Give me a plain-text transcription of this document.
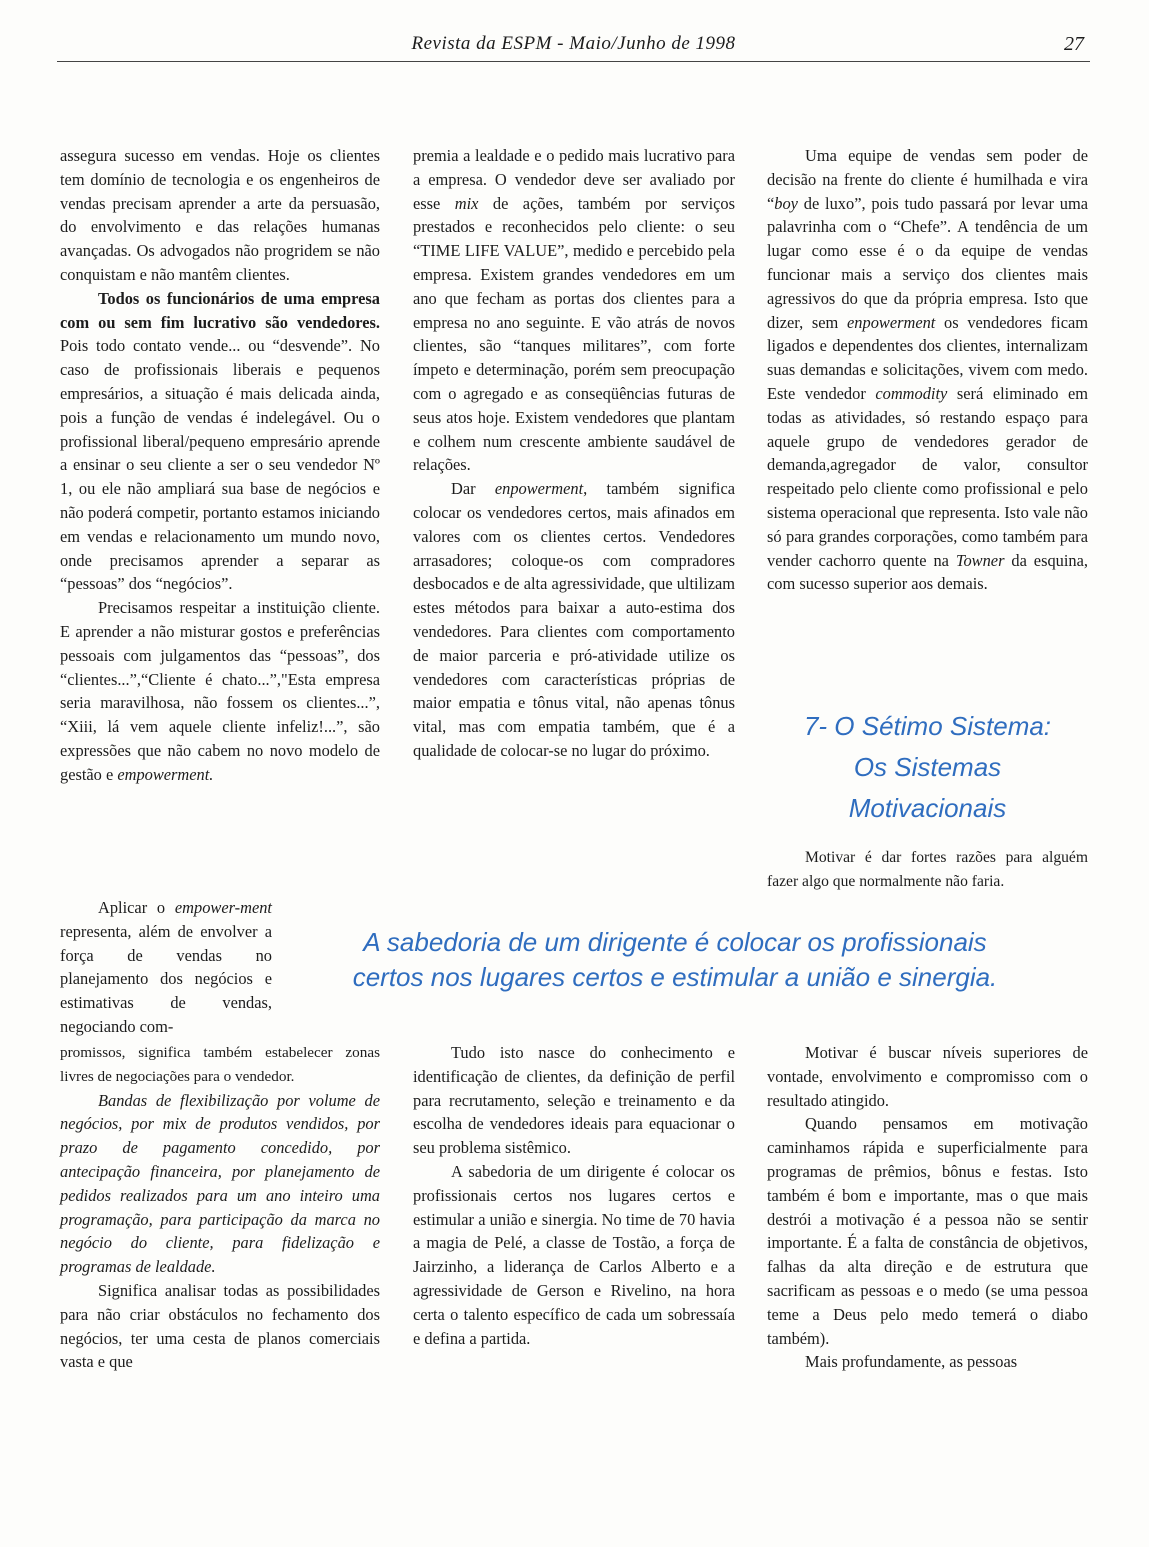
Revista da ESPM - Maio/Junho de 1998	27

assegura sucesso em vendas. Hoje os clientes tem domínio de tecnologia e os engenheiros de vendas precisam aprender a arte da persuasão, do envolvimento e das relações humanas avançadas. Os advogados não progridem se não conquistam e não mantêm clientes.

Todos os funcionários de uma empresa com ou sem fim lucrativo são vendedores. Pois todo contato vende... ou “desvende”. No caso de profissionais liberais e pequenos empresários, a situação é mais delicada ainda, pois a função de vendas é indelegável. Ou o profissional liberal/pequeno empresário aprende a ensinar o seu cliente a ser o seu vendedor Nº 1, ou ele não ampliará sua base de negócios e não poderá competir, portanto estamos iniciando em vendas e relacionamento um mundo novo, onde precisamos aprender a separar as “pessoas” dos “negócios”.

Precisamos respeitar a instituição cliente. E aprender a não misturar gostos e preferências pessoais com julgamentos das “pessoas”, dos “clientes...”,“Cliente é chato...”,"Esta empresa seria maravilhosa, não fossem os clientes...”, “Xiii, lá vem aquele cliente infeliz!...”, são expressões que não cabem no novo modelo de gestão e empowerment.

Aplicar o empower-ment representa, além de envolver a força de vendas no planejamento dos negócios e estimativas de vendas, negociando com-

promissos, significa também estabelecer zonas livres de negociações para o vendedor.

Bandas de flexibilização por volume de negócios, por mix de produtos vendidos, por prazo de pagamento concedido, por antecipação financeira, por planejamento de pedidos realizados para um ano inteiro uma programação, para participação da marca no negócio do cliente, para fidelização e programas de lealdade.

Significa analisar todas as possibilidades para não criar obstáculos no fechamento dos negócios, ter uma cesta de planos comerciais vasta e que

premia a lealdade e o pedido mais lucrativo para a empresa. O vendedor deve ser avaliado por esse mix de ações, também por serviços prestados e reconhecidos pelo cliente: o seu “TIME LIFE VALUE”, medido e percebido pela empresa. Existem grandes vendedores em um ano que fecham as portas dos clientes para a empresa no ano seguinte. E vão atrás de novos clientes, são “tanques militares”, com forte ímpeto e determinação, porém sem preocupação com o agregado e as conseqüências futuras de seus atos hoje. Existem vendedores que plantam e colhem num crescente ambiente saudável de relações.

Dar enpowerment, também significa colocar os vendedores certos, mais afinados em valores com os clientes certos. Vendedores arrasadores; coloque-os com compradores desbocados e de alta agressividade, que ultilizam estes métodos para baixar a auto-estima dos vendedores. Para clientes com comportamento de maior parceria e pró-atividade utilize os vendedores com características próprias de maior empatia e tônus vital, não apenas tônus vital, mas com empatia também, que é a qualidade de colocar-se no lugar do próximo.

Tudo isto nasce do conhecimento e identificação de clientes, da definição de perfil para recrutamento, seleção e treinamento e da escolha de vendedores ideais para equacionar o seu problema sistêmico.

A sabedoria de um dirigente é colocar os profissionais certos nos lugares certos e estimular a união e sinergia. No time de 70 havia a magia de Pelé, a classe de Tostão, a força de Jairzinho, a liderança de Carlos Alberto e a agressividade de Gerson e Rivelino, na hora certa o talento específico de cada um sobressaía e defina a partida.

Uma equipe de vendas sem poder de decisão na frente do cliente é humilhada e vira “boy de luxo”, pois tudo passará por levar uma palavrinha com o “Chefe”. A tendência de um lugar como esse é o da equipe de vendas funcionar mais a serviço dos clientes mais agressivos do que da própria empresa. Isto que dizer, sem enpowerment os vendedores ficam ligados e dependentes dos clientes, internalizam suas demandas e solicitações, vivem com medo. Este vendedor commodity será eliminado em todas as atividades, só restando espaço para aquele grupo de vendedores gerador de demanda,agregador de valor, consultor respeitado pelo cliente como profissional e pelo sistema operacional que representa. Isto vale não só para grandes corporações, como também para vender cachorro quente na Towner da esquina, com sucesso superior aos demais.

7- O Sétimo Sistema:
Os Sistemas
Motivacionais

Motivar é dar fortes razões para alguém fazer algo que normalmente não faria.

A sabedoria de um dirigente é colocar os profissionais
certos nos lugares certos e estimular a união e sinergia.

Motivar é buscar níveis superiores de vontade, envolvimento e compromisso com o resultado atingido.

Quando pensamos em motivação caminhamos rápida e superficialmente para programas de prêmios, bônus e festas. Isto também é bom e importante, mas o que mais destrói a motivação é a pessoa não se sentir importante. É a falta de constância de objetivos, falhas da alta direção e de estrutura que sacrificam as pessoas e o medo (se uma pessoa teme a Deus pelo medo temerá o diabo também).

Mais profundamente, as pessoas
